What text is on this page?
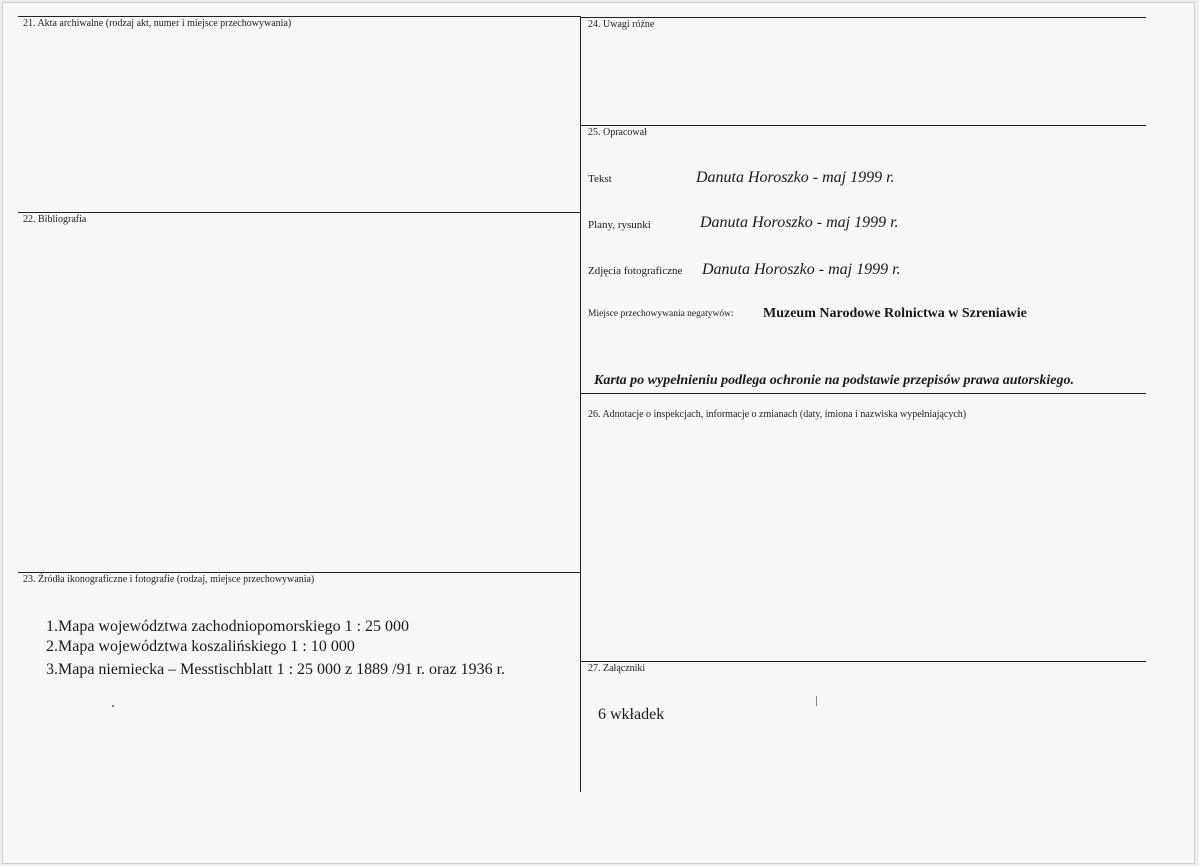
21. Akta archiwalne (rodzaj akt, numer i miejsce przechowywania)
22. Bibliografia
23. Źródła ikonograficzne i fotografie (rodzaj, miejsce przechowywania)
24. Uwagi różne
25. Opracował
26. Adnotacje o inspekcjach, informacje o zmianach (daty, imiona i nazwiska wypełniających)
27. Załączniki
Tekst	Danuta Horoszko - maj 1999 r.
Plany, rysunki	Danuta Horoszko - maj 1999 r.
Zdjęcia fotograficzne Danuta Horoszko - maj 1999 r.
Miejsce przechowywania negatywów: Muzeum Narodowe Rolnictwa w Szreniawie
Karta po wypełnieniu podlega ochronie na podstawie przepisów prawa autorskiego.
1.Mapa województwa zachodniopomorskiego 1 : 25 000
2.Mapa województwa koszalińskiego 1 : 10 000
3.Mapa niemiecka – Messtischblatt 1 : 25 000 z 1889 /91 r. oraz 1936 r.
6 wkładek
